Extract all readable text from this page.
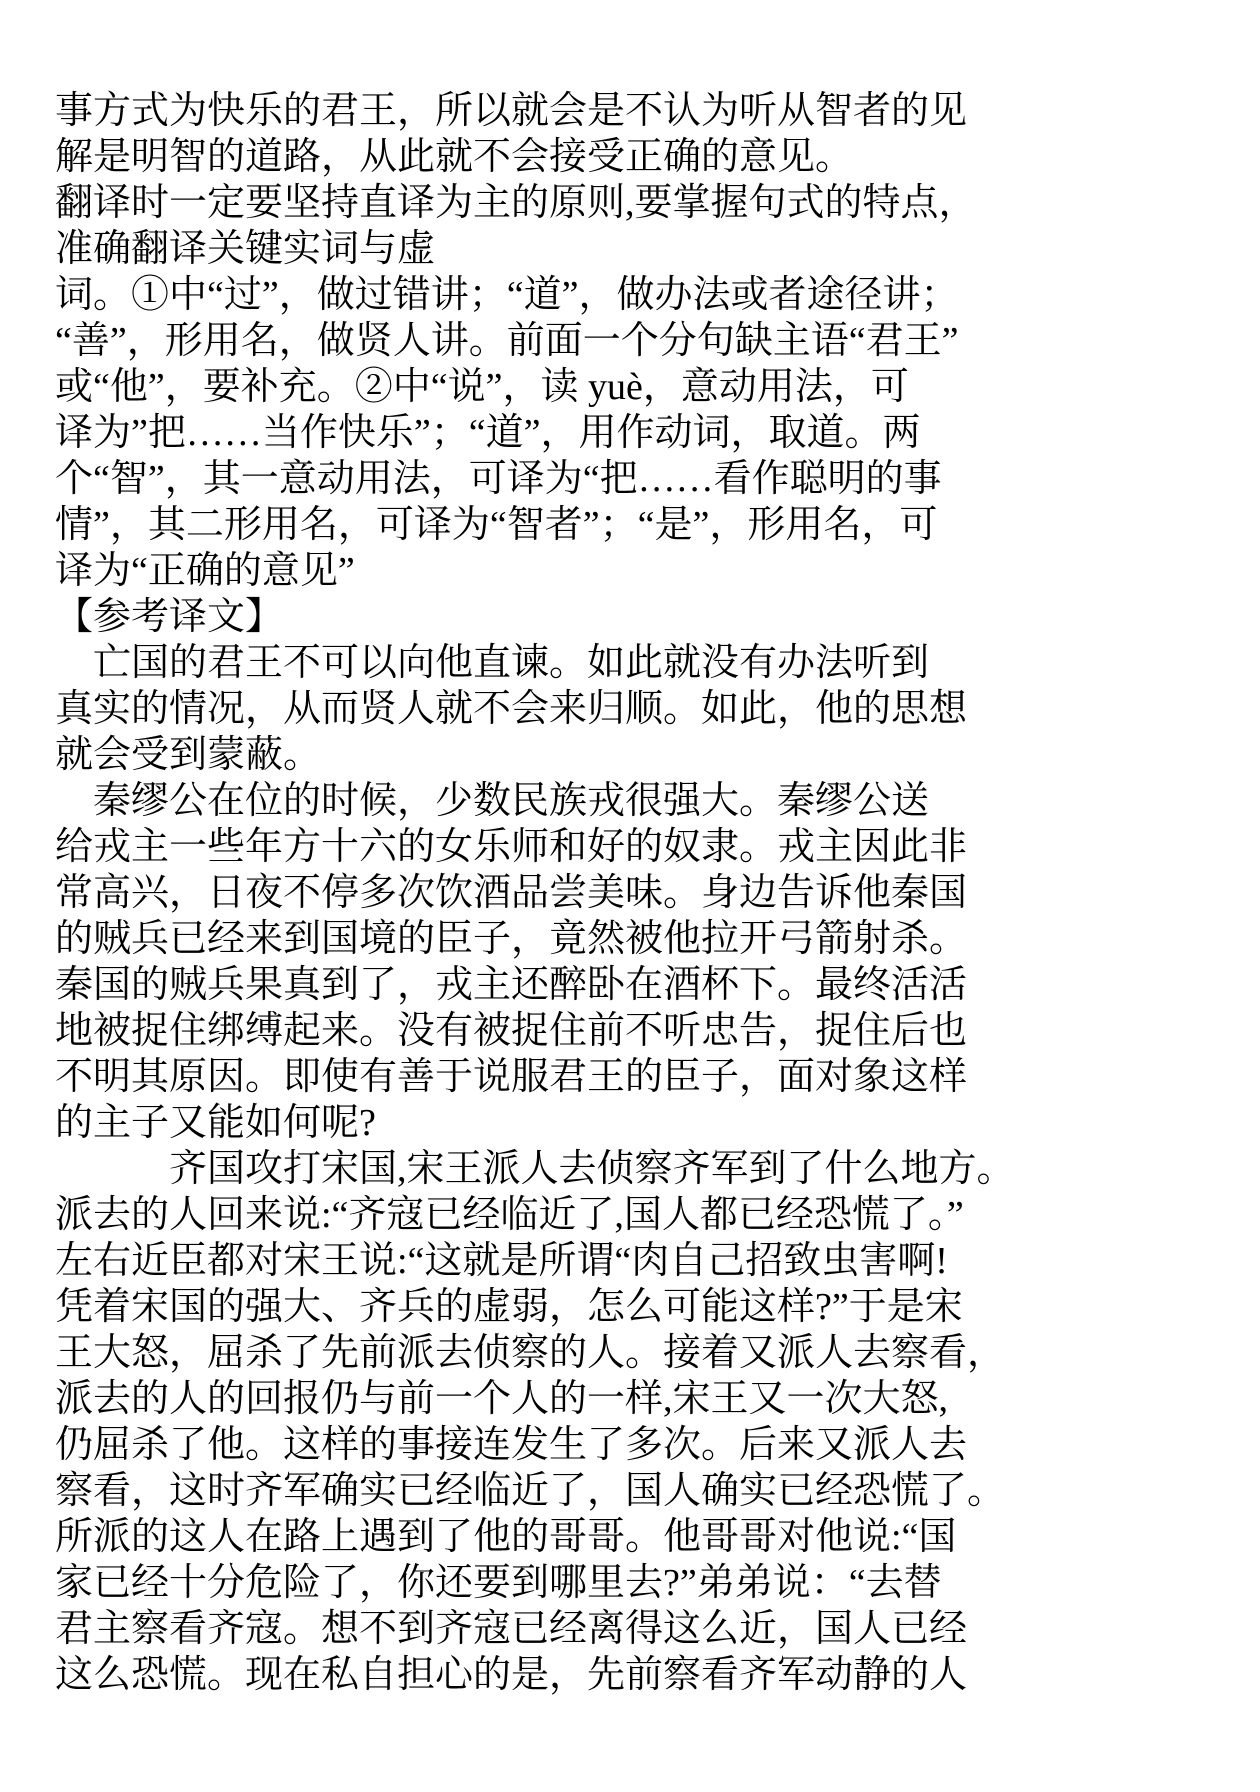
事方式为快乐的君王，所以就会是不认为听从智者的见
解是明智的道路，从此就不会接受正确的意见。
翻译时一定要坚持直译为主的原则,要掌握句式的特点，
准确翻译关键实词与虚
词。①中“过”，做过错讲；“道”，做办法或者途径讲；
“善”，形用名，做贤人讲。前面一个分句缺主语“君王”
或“他”，要补充。②中“说”，读 yuè，意动用法，可
译为”把……当作快乐”；“道”，用作动词，取道。两
个“智”，其一意动用法，可译为“把……看作聪明的事
情”，其二形用名，可译为“智者”；“是”，形用名，可
译为“正确的意见”
【参考译文】
　亡国的君王不可以向他直谏。如此就没有办法听到
真实的情况，从而贤人就不会来归顺。如此，他的思想
就会受到蒙蔽。
　秦缪公在位的时候，少数民族戎很强大。秦缪公送
给戎主一些年方十六的女乐师和好的奴隶。戎主因此非
常高兴，日夜不停多次饮酒品尝美味。身边告诉他秦国
的贼兵已经来到国境的臣子，竟然被他拉开弓箭射杀。
秦国的贼兵果真到了，戎主还醉卧在酒杯下。最终活活
地被捉住绑缚起来。没有被捉住前不听忠告，捉住后也
不明其原因。即使有善于说服君王的臣子，面对象这样
的主子又能如何呢?
　　　齐国攻打宋国,宋王派人去侦察齐军到了什么地方。
派去的人回来说:“齐寇已经临近了,国人都已经恐慌了。”
左右近臣都对宋王说:“这就是所谓“肉自己招致虫害啊!
凭着宋国的强大、齐兵的虚弱，怎么可能这样?”于是宋
王大怒，屈杀了先前派去侦察的人。接着又派人去察看，
派去的人的回报仍与前一个人的一样,宋王又一次大怒,
仍屈杀了他。这样的事接连发生了多次。后来又派人去
察看，这时齐军确实已经临近了，国人确实已经恐慌了。
所派的这人在路上遇到了他的哥哥。他哥哥对他说:“国
家已经十分危险了，你还要到哪里去?”弟弟说：“去替
君主察看齐寇。想不到齐寇已经离得这么近，国人已经
这么恐慌。现在私自担心的是，先前察看齐军动静的人
